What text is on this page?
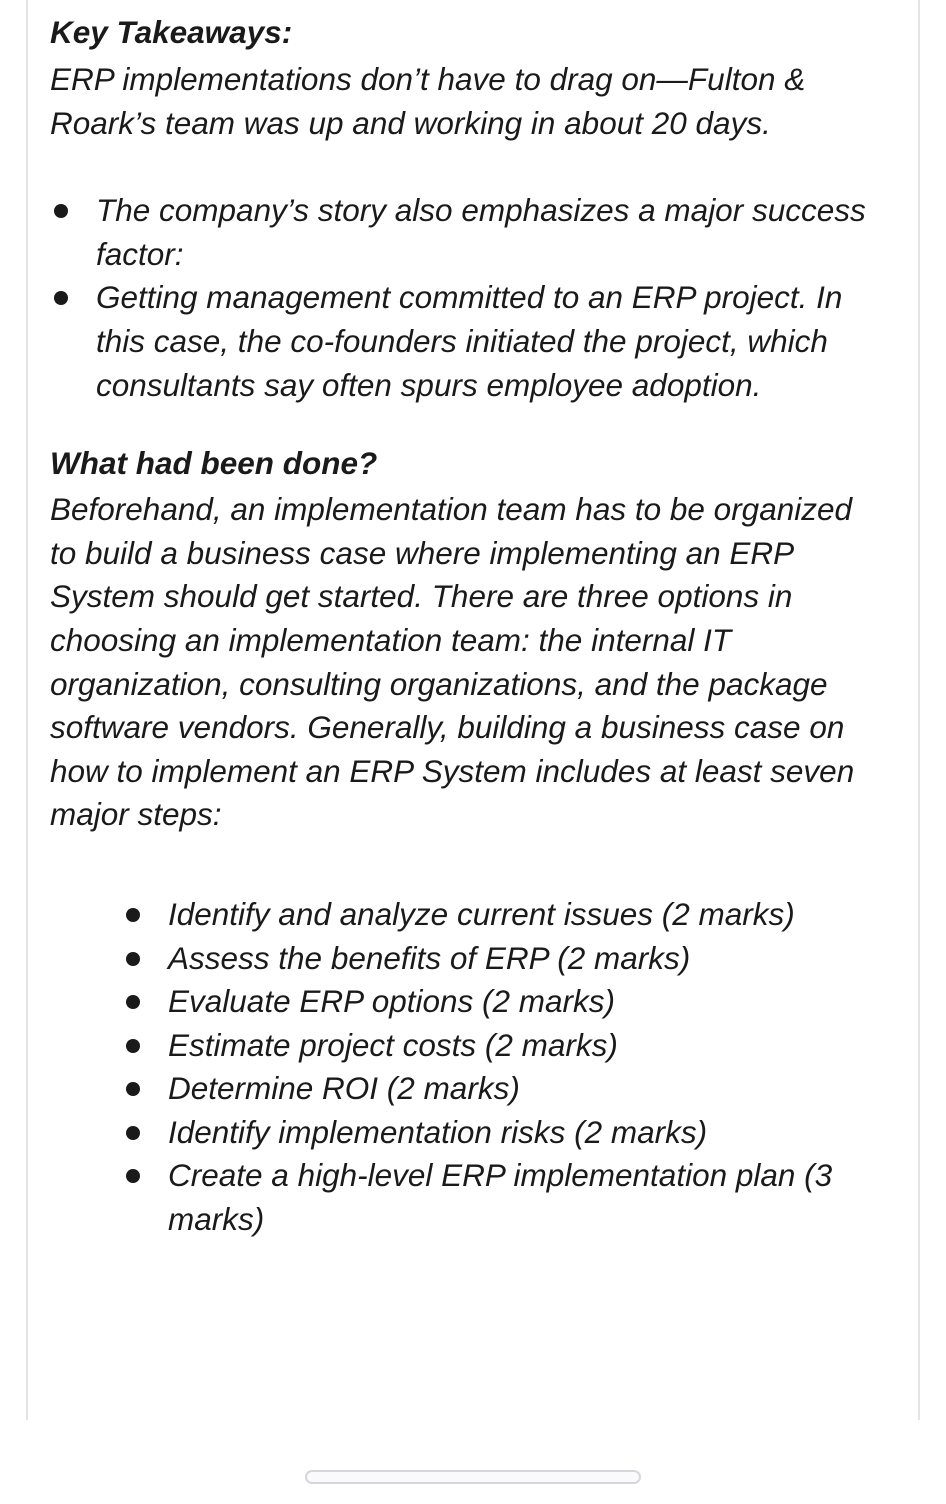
Key Takeaways:

ERP implementations don’t have to drag on—Fulton & Roark’s team was up and working in about 20 days.

The company’s story also emphasizes a major success factor:
Getting management committed to an ERP project. In this case, the co-founders initiated the project, which consultants say often spurs employee adoption.

What had been done?

Beforehand, an implementation team has to be organized to build a business case where implementing an ERP System should get started. There are three options in choosing an implementation team: the internal IT organization, consulting organizations, and the package software vendors. Generally, building a business case on how to implement an ERP System includes at least seven major steps:

Identify and analyze current issues (2 marks)
Assess the benefits of ERP (2 marks)
Evaluate ERP options (2 marks)
Estimate project costs (2 marks)
Determine ROI (2 marks)
Identify implementation risks (2 marks)
Create a high-level ERP implementation plan (3 marks)
